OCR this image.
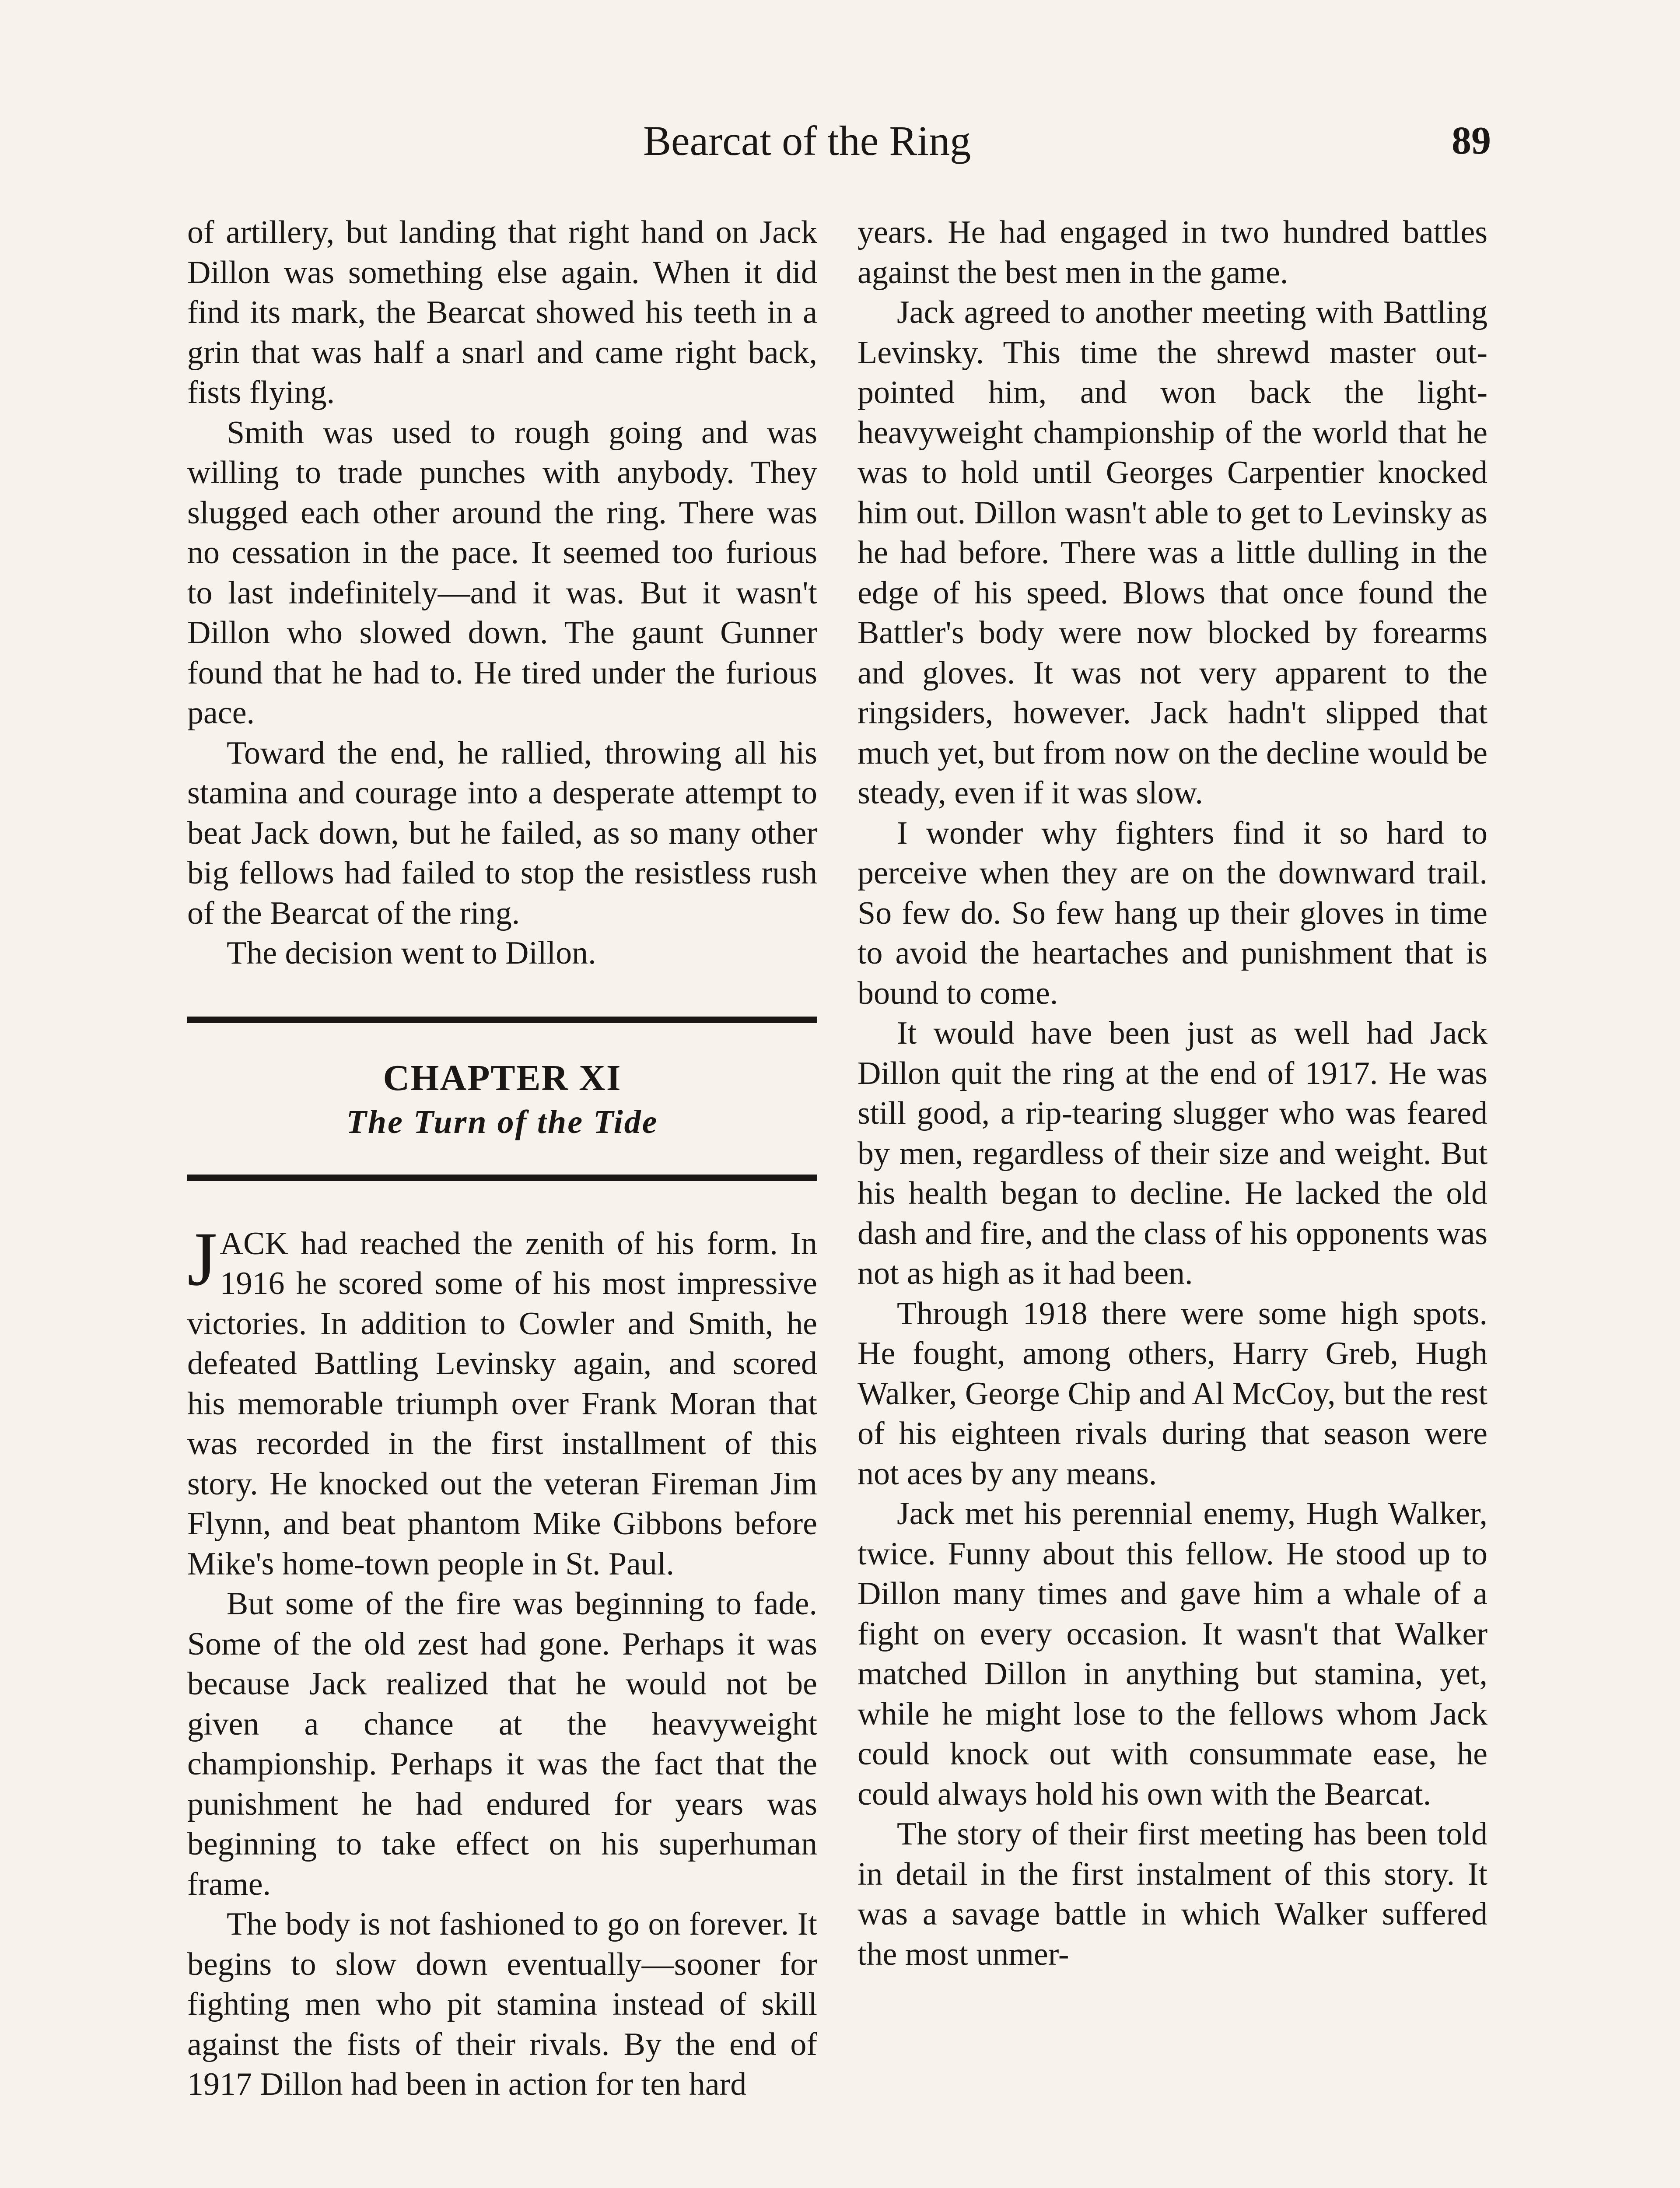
Bearcat of the Ring	89

of artillery, but landing that right hand on Jack Dillon was something else again. When it did find its mark, the Bearcat showed his teeth in a grin that was half a snarl and came right back, fists flying.

Smith was used to rough going and was willing to trade punches with anybody. They slugged each other around the ring. There was no cessation in the pace. It seemed too furious to last indefinitely—and it was. But it wasn't Dillon who slowed down. The gaunt Gunner found that he had to. He tired under the furious pace.

Toward the end, he rallied, throwing all his stamina and courage into a desperate attempt to beat Jack down, but he failed, as so many other big fellows had failed to stop the resistless rush of the Bearcat of the ring.

The decision went to Dillon.

CHAPTER XI
The Turn of the Tide

J ACK had reached the zenith of his form. In 1916 he scored some of his most impressive victories. In addition to Cowler and Smith, he defeated Battling Levinsky again, and scored his memorable triumph over Frank Moran that was recorded in the first installment of this story. He knocked out the veteran Fireman Jim Flynn, and beat phantom Mike Gibbons before Mike's home-town people in St. Paul.

But some of the fire was beginning to fade. Some of the old zest had gone. Perhaps it was because Jack realized that he would not be given a chance at the heavyweight championship. Perhaps it was the fact that the punishment he had endured for years was beginning to take effect on his superhuman frame.

The body is not fashioned to go on forever. It begins to slow down eventually—sooner for fighting men who pit stamina instead of skill against the fists of their rivals. By the end of 1917 Dillon had been in action for ten hard

years. He had engaged in two hundred battles against the best men in the game.

Jack agreed to another meeting with Battling Levinsky. This time the shrewd master out-pointed him, and won back the light-heavyweight championship of the world that he was to hold until Georges Carpentier knocked him out. Dillon wasn't able to get to Levinsky as he had before. There was a little dulling in the edge of his speed. Blows that once found the Battler's body were now blocked by forearms and gloves. It was not very apparent to the ringsiders, however. Jack hadn't slipped that much yet, but from now on the decline would be steady, even if it was slow.

I wonder why fighters find it so hard to perceive when they are on the downward trail. So few do. So few hang up their gloves in time to avoid the heartaches and punishment that is bound to come.

It would have been just as well had Jack Dillon quit the ring at the end of 1917. He was still good, a rip-tearing slugger who was feared by men, regardless of their size and weight. But his health began to decline. He lacked the old dash and fire, and the class of his opponents was not as high as it had been.

Through 1918 there were some high spots. He fought, among others, Harry Greb, Hugh Walker, George Chip and Al McCoy, but the rest of his eighteen rivals during that season were not aces by any means.

Jack met his perennial enemy, Hugh Walker, twice. Funny about this fellow. He stood up to Dillon many times and gave him a whale of a fight on every occasion. It wasn't that Walker matched Dillon in anything but stamina, yet, while he might lose to the fellows whom Jack could knock out with consummate ease, he could always hold his own with the Bearcat.

The story of their first meeting has been told in detail in the first instalment of this story. It was a savage battle in which Walker suffered the most unmer-
